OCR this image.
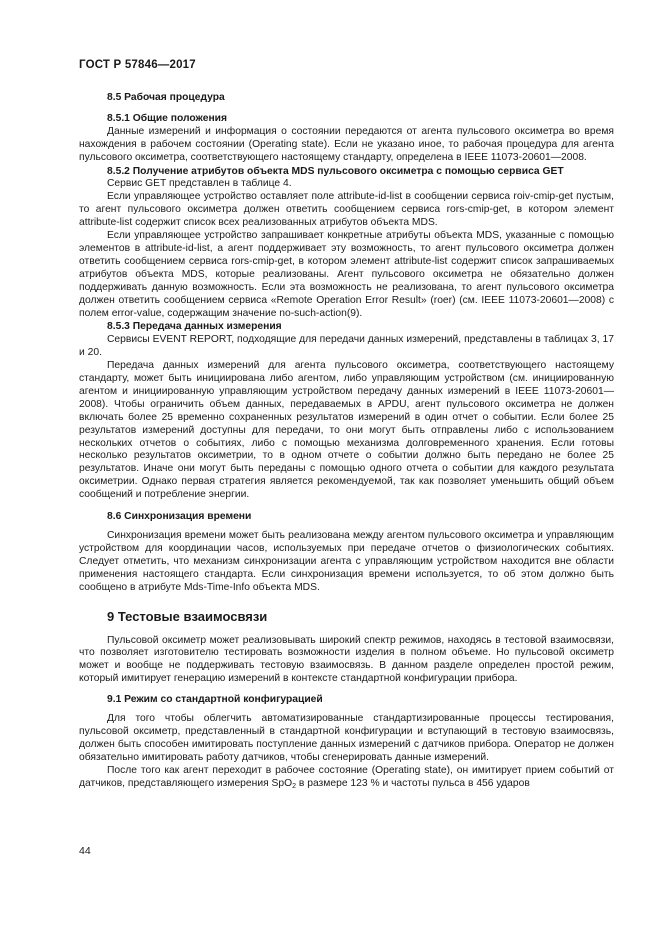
ГОСТ Р 57846—2017

8.5 Рабочая процедура

8.5.1 Общие положения

Данные измерений и информация о состоянии передаются от агента пульсового оксиметра во время нахождения в рабочем состоянии (Operating state). Если не указано иное, то рабочая процедура для агента пульсового оксиметра, соответствующего настоящему стандарту, определена в IEEE 11073-20601—2008.

8.5.2 Получение атрибутов объекта MDS пульсового оксиметра с помощью сервиса GET

Сервис GET представлен в таблице 4.

Если управляющее устройство оставляет поле attribute-id-list в сообщении сервиса roiv-cmip-get пустым, то агент пульсового оксиметра должен ответить сообщением сервиса rors-cmip-get, в котором элемент attribute-list содержит список всех реализованных атрибутов объекта MDS.

Если управляющее устройство запрашивает конкретные атрибуты объекта MDS, указанные с помощью элементов в attribute-id-list, а агент поддерживает эту возможность, то агент пульсового оксиметра должен ответить сообщением сервиса rors-cmip-get, в котором элемент attribute-list содержит список запрашиваемых атрибутов объекта MDS, которые реализованы. Агент пульсового оксиметра не обязательно должен поддерживать данную возможность. Если эта возможность не реализована, то агент пульсового оксиметра должен ответить сообщением сервиса «Remote Operation Error Result» (roer) (см. IEEE 11073-20601—2008) с полем error-value, содержащим значение no-such-action(9).

8.5.3 Передача данных измерения

Сервисы EVENT REPORT, подходящие для передачи данных измерений, представлены в таблицах 3, 17 и 20.

Передача данных измерений для агента пульсового оксиметра, соответствующего настоящему стандарту, может быть инициирована либо агентом, либо управляющим устройством (см. инициированную агентом и инициированную управляющим устройством передачу данных измерений в IEEE 11073-20601—2008). Чтобы ограничить объем данных, передаваемых в APDU, агент пульсового оксиметра не должен включать более 25 временно сохраненных результатов измерений в один отчет о событии. Если более 25 результатов измерений доступны для передачи, то они могут быть отправлены либо с использованием нескольких отчетов о событиях, либо с помощью механизма долговременного хранения. Если готовы несколько результатов оксиметрии, то в одном отчете о событии должно быть передано не более 25 результатов. Иначе они могут быть переданы с помощью одного отчета о событии для каждого результата оксиметрии. Однако первая стратегия является рекомендуемой, так как позволяет уменьшить общий объем сообщений и потребление энергии.

8.6 Синхронизация времени

Синхронизация времени может быть реализована между агентом пульсового оксиметра и управляющим устройством для координации часов, используемых при передаче отчетов о физиологических событиях. Следует отметить, что механизм синхронизации агента с управляющим устройством находится вне области применения настоящего стандарта. Если синхронизация времени используется, то об этом должно быть сообщено в атрибуте Mds-Time-Info объекта MDS.

9 Тестовые взаимосвязи

Пульсовой оксиметр может реализовывать широкий спектр режимов, находясь в тестовой взаимосвязи, что позволяет изготовителю тестировать возможности изделия в полном объеме. Но пульсовой оксиметр может и вообще не поддерживать тестовую взаимосвязь. В данном разделе определен простой режим, который имитирует генерацию измерений в контексте стандартной конфигурации прибора.

9.1 Режим со стандартной конфигурацией

Для того чтобы облегчить автоматизированные стандартизированные процессы тестирования, пульсовой оксиметр, представленный в стандартной конфигурации и вступающий в тестовую взаимосвязь, должен быть способен имитировать поступление данных измерений с датчиков прибора. Оператор не должен обязательно имитировать работу датчиков, чтобы сгенерировать данные измерений.

После того как агент переходит в рабочее состояние (Operating state), он имитирует прием событий от датчиков, представляющего измерения SpO$_2$ в размере 123 % и частоты пульса в 456 ударов

44
